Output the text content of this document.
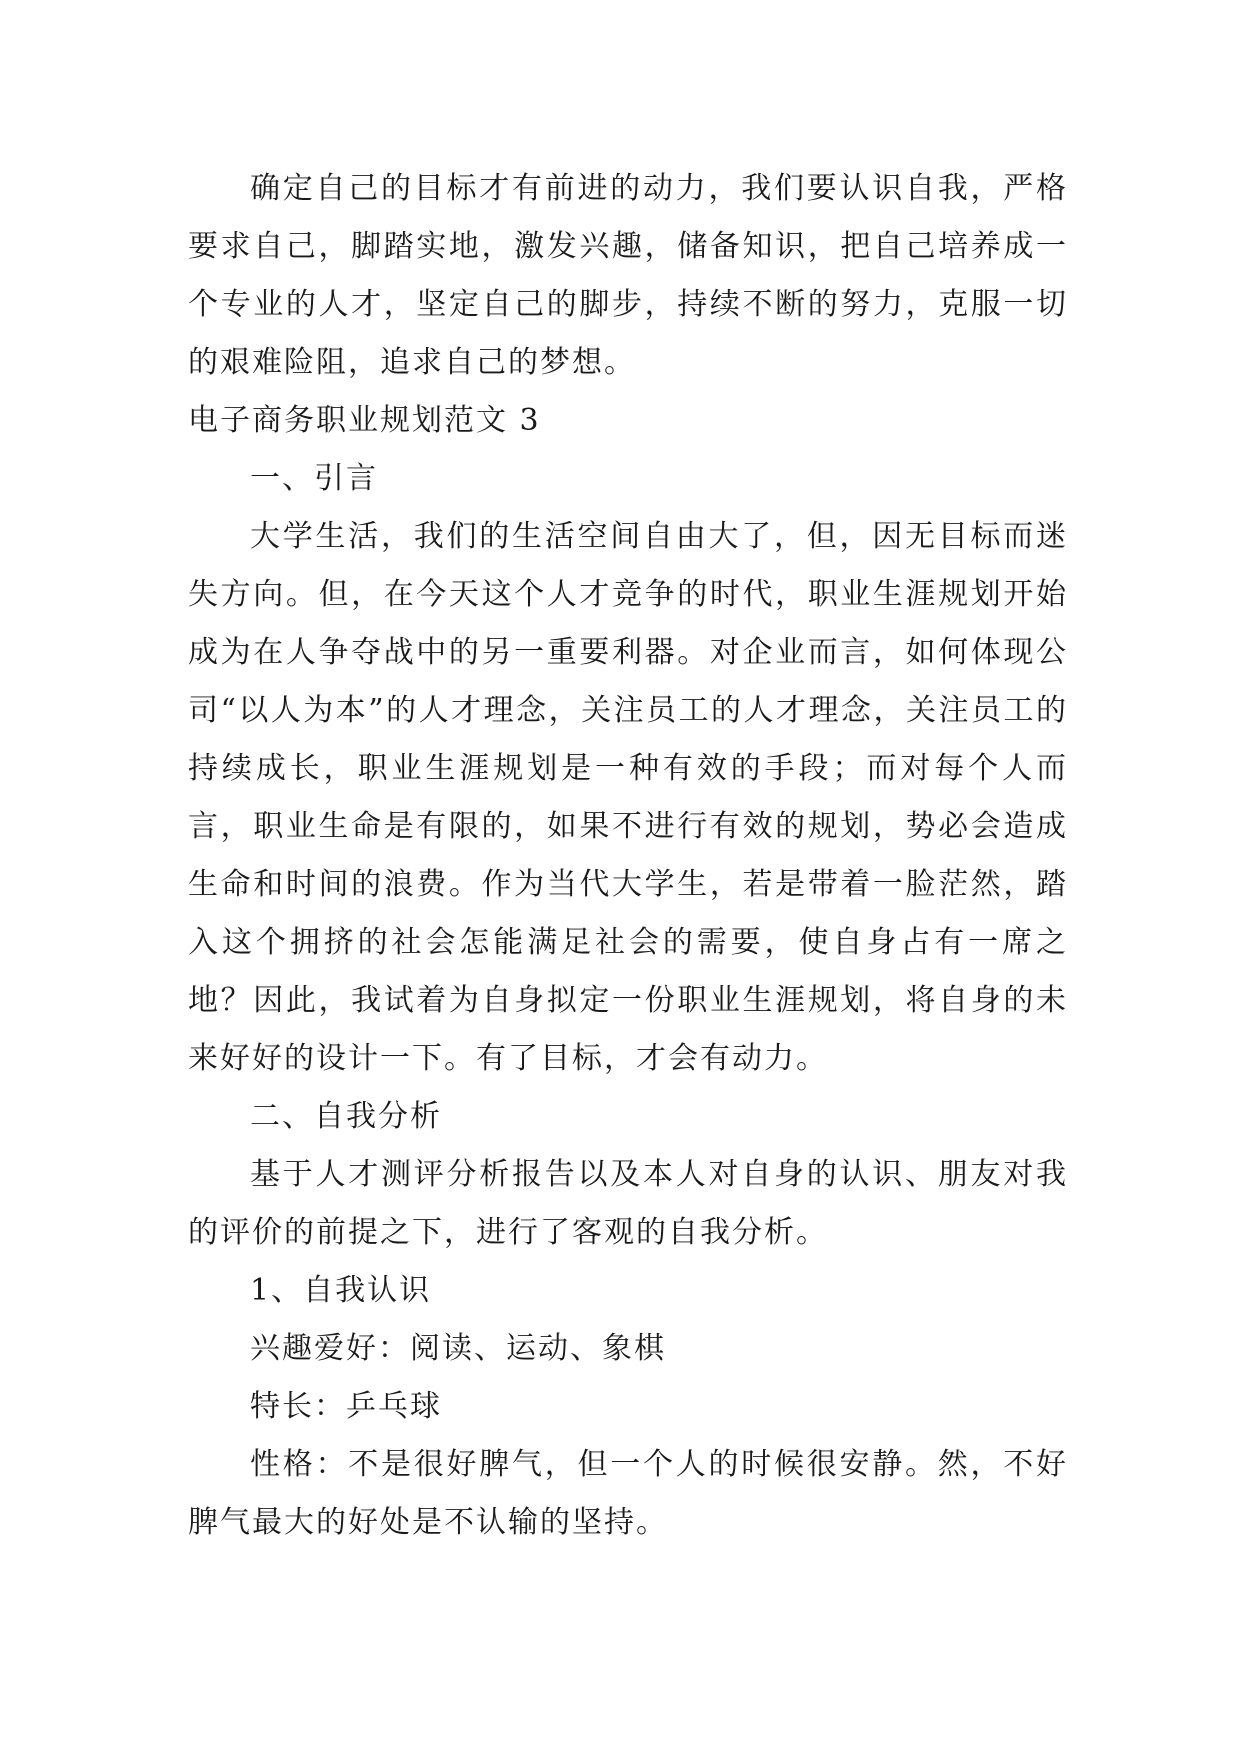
确定自己的目标才有前进的动力，我们要认识自我，严格要求自己，脚踏实地，激发兴趣，储备知识，把自己培养成一个专业的人才，坚定自己的脚步，持续不断的努力，克服一切的艰难险阻，追求自己的梦想。

电子商务职业规划范文 3

一、引言

大学生活，我们的生活空间自由大了，但，因无目标而迷失方向。但，在今天这个人才竞争的时代，职业生涯规划开始成为在人争夺战中的另一重要利器。对企业而言，如何体现公司“以人为本”的人才理念，关注员工的人才理念，关注员工的持续成长，职业生涯规划是一种有效的手段；而对每个人而言，职业生命是有限的，如果不进行有效的规划，势必会造成生命和时间的浪费。作为当代大学生，若是带着一脸茫然，踏入这个拥挤的社会怎能满足社会的需要，使自身占有一席之地？因此，我试着为自身拟定一份职业生涯规划，将自身的未来好好的设计一下。有了目标，才会有动力。

二、自我分析

基于人才测评分析报告以及本人对自身的认识、朋友对我的评价的前提之下，进行了客观的自我分析。

1、自我认识

兴趣爱好：阅读、运动、象棋

特长：乒乓球

性格：不是很好脾气，但一个人的时候很安静。然，不好脾气最大的好处是不认输的坚持。
